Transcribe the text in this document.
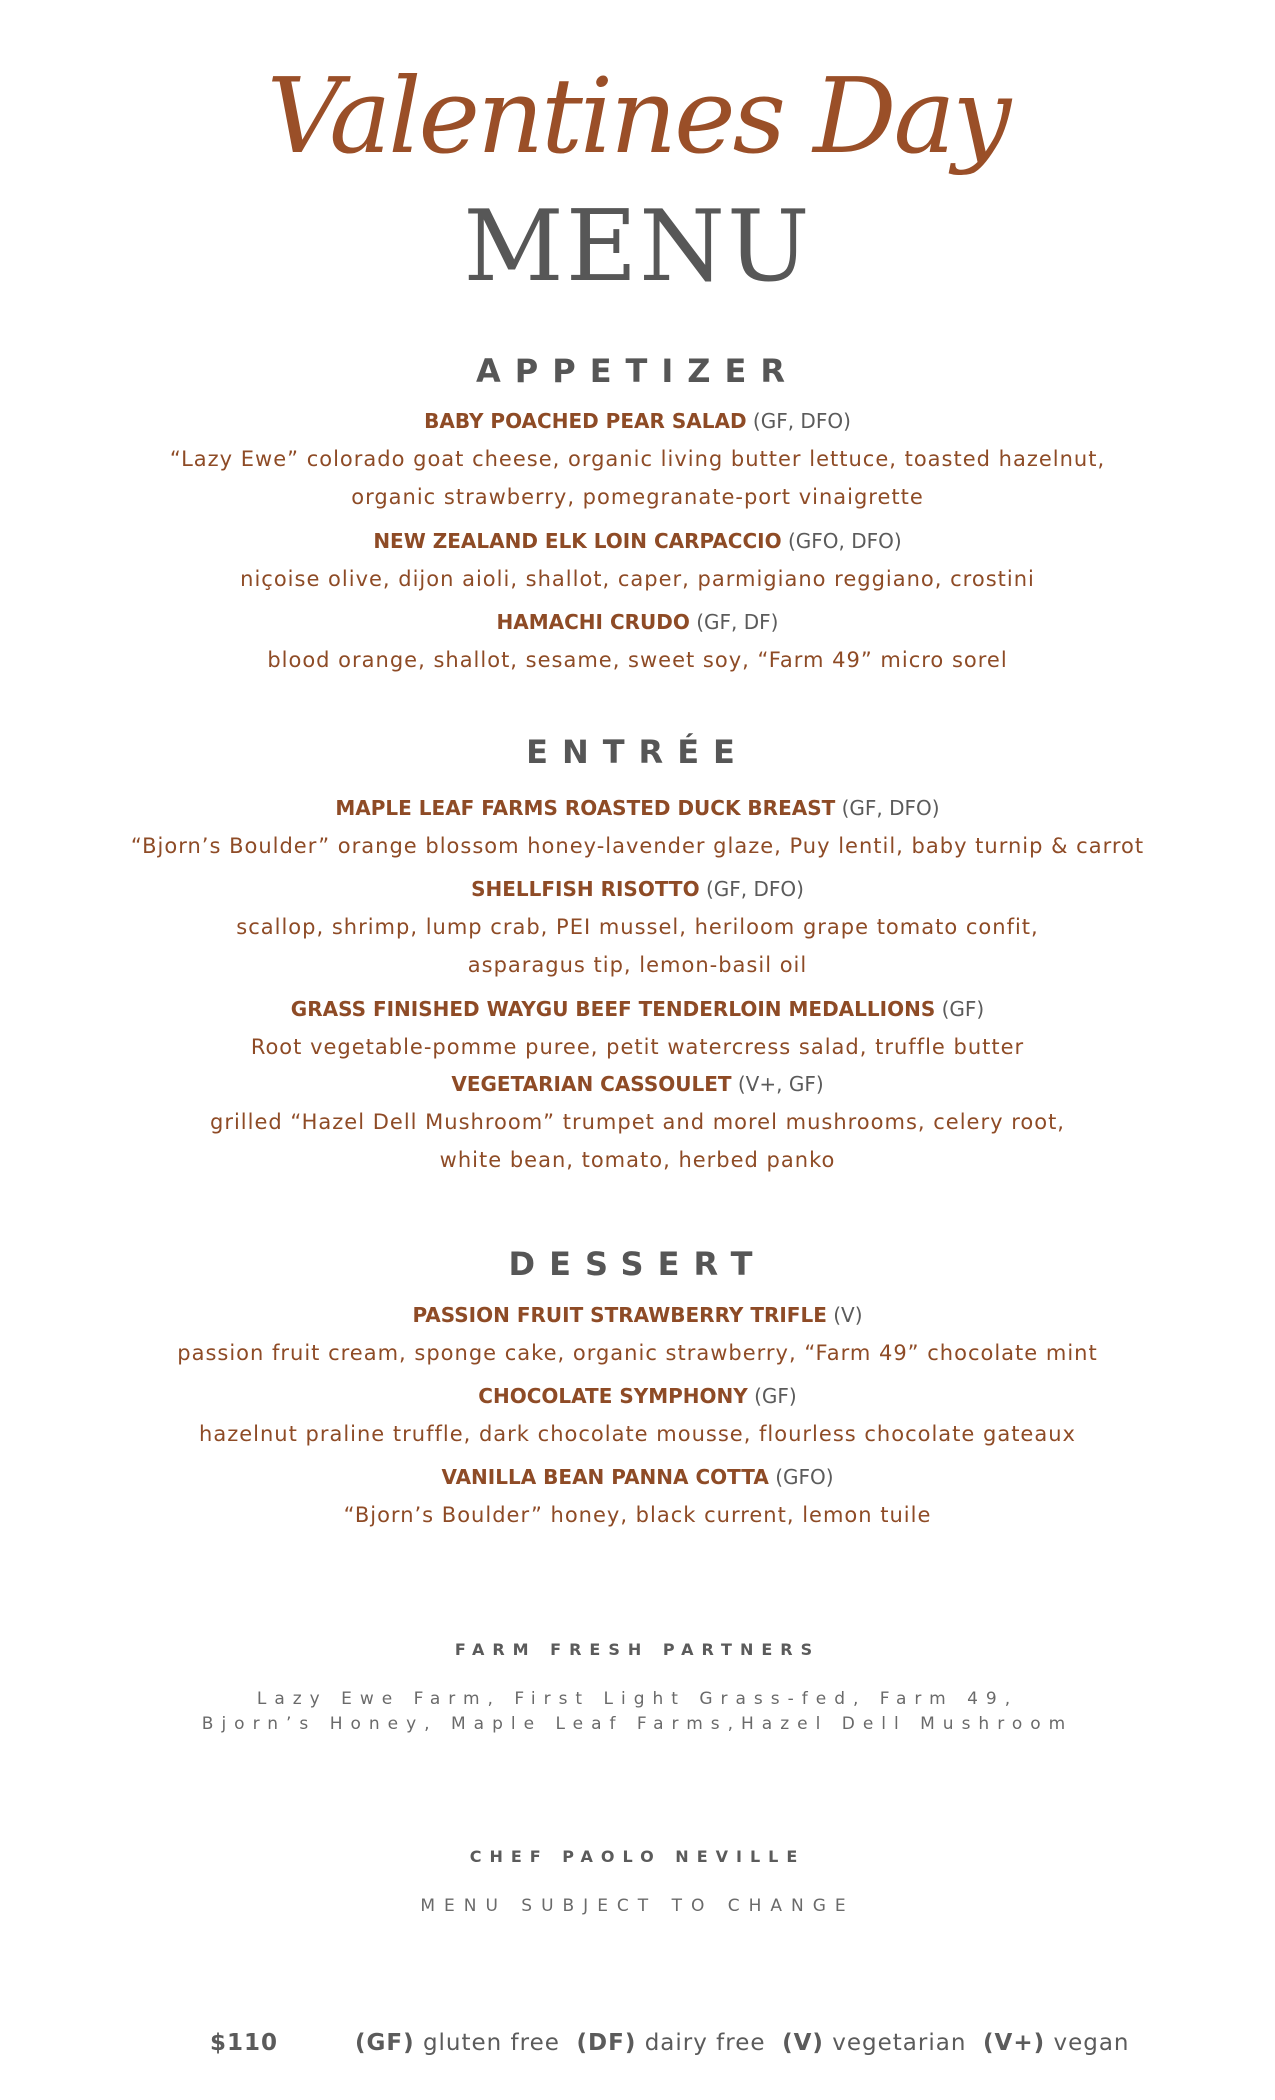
Valentines Day
MENU
APPETIZER
BABY POACHED PEAR SALAD (GF, DFO)
“Lazy Ewe” colorado goat cheese, organic living butter lettuce, toasted hazelnut,
organic strawberry, pomegranate-port vinaigrette
NEW ZEALAND ELK LOIN CARPACCIO (GFO, DFO)
niçoise olive, dijon aioli, shallot, caper, parmigiano reggiano, crostini
HAMACHI CRUDO (GF, DF)
blood orange, shallot, sesame, sweet soy, “Farm 49” micro sorel
ENTRÉE
MAPLE LEAF FARMS ROASTED DUCK BREAST (GF, DFO)
“Bjorn’s Boulder” orange blossom honey-lavender glaze, Puy lentil, baby turnip & carrot
SHELLFISH RISOTTO (GF, DFO)
scallop, shrimp, lump crab, PEI mussel, heriloom grape tomato confit,
asparagus tip, lemon-basil oil
GRASS FINISHED WAYGU BEEF TENDERLOIN MEDALLIONS (GF)
Root vegetable-pomme puree, petit watercress salad, truffle butter
VEGETARIAN CASSOULET (V+, GF)
grilled “Hazel Dell Mushroom” trumpet and morel mushrooms, celery root,
white bean, tomato, herbed panko
DESSERT
PASSION FRUIT STRAWBERRY TRIFLE (V)
passion fruit cream, sponge cake, organic strawberry, “Farm 49” chocolate mint
CHOCOLATE SYMPHONY (GF)
hazelnut praline truffle, dark chocolate mousse, flourless chocolate gateaux
VANILLA BEAN PANNA COTTA (GFO)
“Bjorn’s Boulder” honey, black current, lemon tuile
FARM FRESH PARTNERS
Lazy Ewe Farm, First Light Grass-fed, Farm 49,
Bjorn’s Honey, Maple Leaf Farms,Hazel Dell Mushroom
CHEF PAOLO NEVILLE
MENU SUBJECT TO CHANGE
$110	(GF) gluten free (DF) dairy free (V) vegetarian (V+) vegan
